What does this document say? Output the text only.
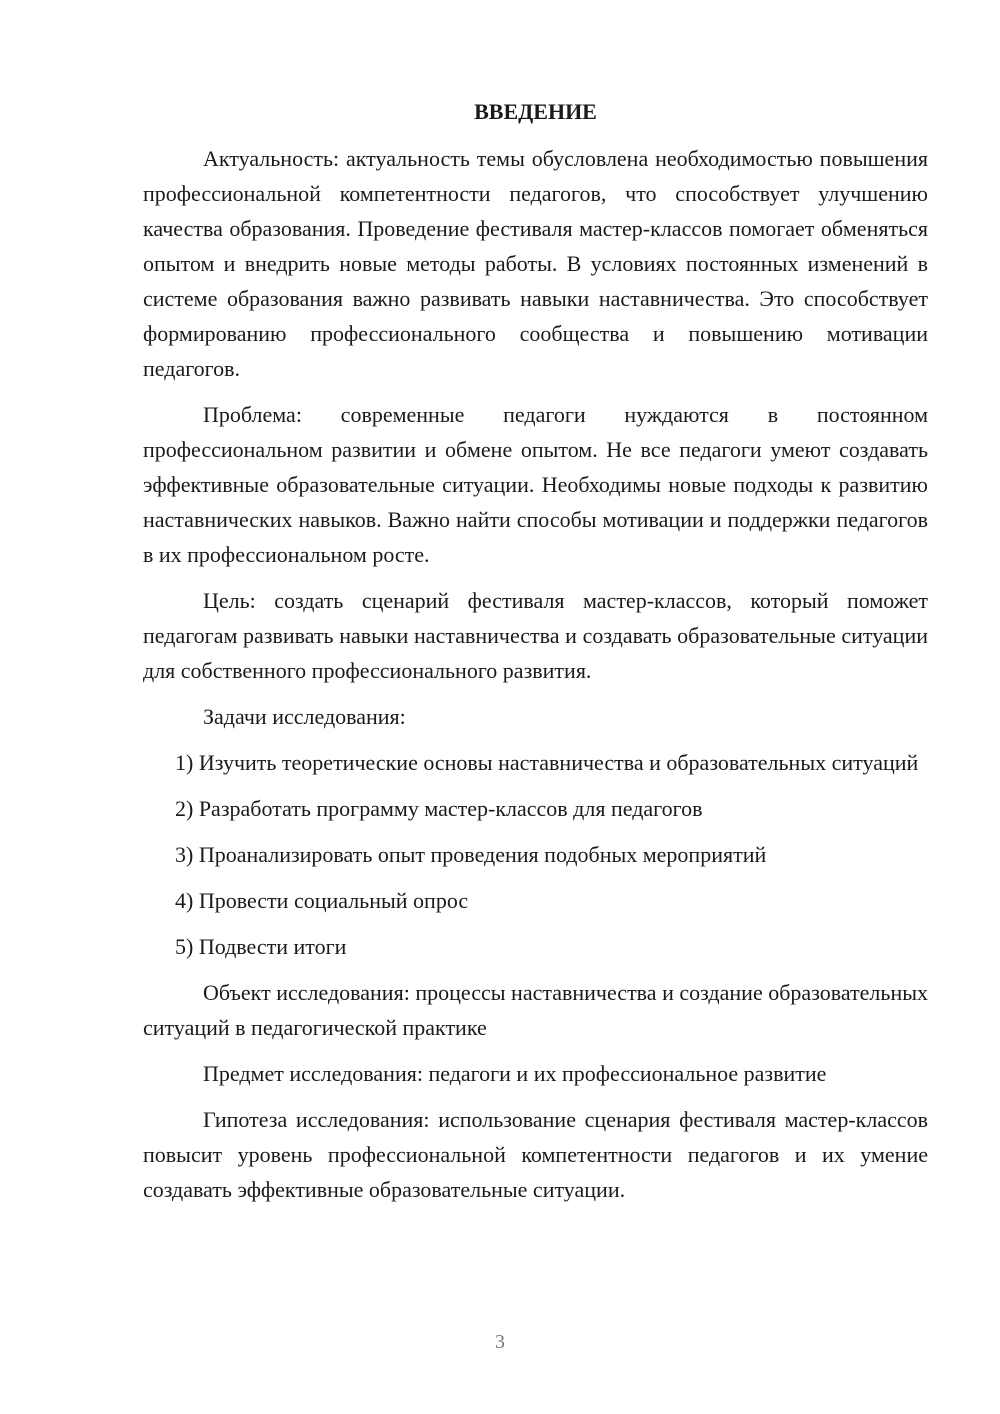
ВВЕДЕНИЕ

Актуальность: актуальность темы обусловлена необходимостью повышения профессиональной компетентности педагогов, что способствует улучшению качества образования. Проведение фестиваля мастер-классов помогает обменяться опытом и внедрить новые методы работы. В условиях постоянных изменений в системе образования важно развивать навыки наставничества. Это способствует формированию профессионального сообщества и повышению мотивации педагогов.

Проблема: современные педагоги нуждаются в постоянном профессиональном развитии и обмене опытом. Не все педагоги умеют создавать эффективные образовательные ситуации. Необходимы новые подходы к развитию наставнических навыков. Важно найти способы мотивации и поддержки педагогов в их профессиональном росте.

Цель: создать сценарий фестиваля мастер-классов, который поможет педагогам развивать навыки наставничества и создавать образовательные ситуации для собственного профессионального развития.

Задачи исследования:

1) Изучить теоретические основы наставничества и образовательных ситуаций

2) Разработать программу мастер-классов для педагогов

3) Проанализировать опыт проведения подобных мероприятий

4) Провести социальный опрос

5) Подвести итоги

Объект исследования: процессы наставничества и создание образовательных ситуаций в педагогической практике

Предмет исследования: педагоги и их профессиональное развитие

Гипотеза исследования: использование сценария фестиваля мастер-классов повысит уровень профессиональной компетентности педагогов и их умение создавать эффективные образовательные ситуации.

3
